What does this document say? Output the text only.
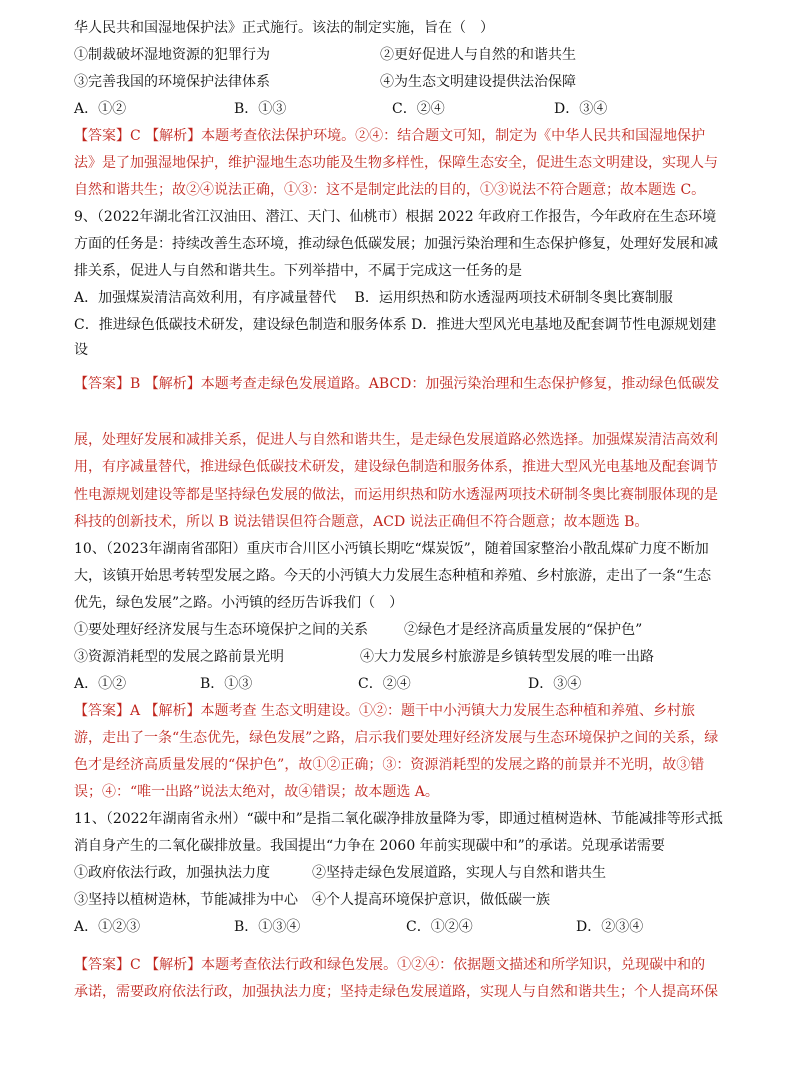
华人民共和国湿地保护法》正式施行。该法的制定实施，旨在（　）
①制裁破坏湿地资源的犯罪行为	②更好促进人与自然的和谐共生
③完善我国的环境保护法律体系	④为生态文明建设提供法治保障
A．①②	B．①③	C．②④	D．③④
【答案】C 【解析】本题考查依法保护环境。②④：结合题文可知，制定为《中华人民共和国湿地保护
法》是了加强湿地保护，维护湿地生态功能及生物多样性，保障生态安全，促进生态文明建设，实现人与
自然和谐共生；故②④说法正确，①③：这不是制定此法的目的，①③说法不符合题意；故本题选 C。
9、（2022年湖北省江汉油田、潜江、天门、仙桃市）根据 2022 年政府工作报告，今年政府在生态环境
方面的任务是：持续改善生态环境，推动绿色低碳发展；加强污染治理和生态保护修复，处理好发展和减
排关系，促进人与自然和谐共生。下列举措中，不属于完成这一任务的是
A．加强煤炭清洁高效利用，有序减量替代　 B．运用织热和防水透湿两项技术研制冬奥比赛制服
C．推进绿色低碳技术研发，建设绿色制造和服务体系 D．推进大型风光电基地及配套调节性电源规划建
设
【答案】B 【解析】本题考查走绿色发展道路。ABCD：加强污染治理和生态保护修复，推动绿色低碳发
展，处理好发展和减排关系，促进人与自然和谐共生，是走绿色发展道路必然选择。加强煤炭清洁高效利
用，有序减量替代，推进绿色低碳技术研发，建设绿色制造和服务体系，推进大型风光电基地及配套调节
性电源规划建设等都是坚持绿色发展的做法，而运用织热和防水透湿两项技术研制冬奥比赛制服体现的是
科技的创新技术，所以 B 说法错误但符合题意，ACD 说法正确但不符合题意；故本题选 B。
10、（2023年湖南省邵阳）重庆市合川区小沔镇长期吃“煤炭饭”，随着国家整治小散乱煤矿力度不断加
大，该镇开始思考转型发展之路。今天的小沔镇大力发展生态种植和养殖、乡村旅游，走出了一条“生态
优先，绿色发展”之路。小沔镇的经历告诉我们（　）
①要处理好经济发展与生态环境保护之间的关系	②绿色才是经济高质量发展的“保护色”
③资源消耗型的发展之路前景光明	④大力发展乡村旅游是乡镇转型发展的唯一出路
A．①②	B．①③	C．②④	D．③④
【答案】A 【解析】本题考查 生态文明建设。①②：题干中小沔镇大力发展生态种植和养殖、乡村旅
游，走出了一条“生态优先，绿色发展”之路，启示我们要处理好经济发展与生态环境保护之间的关系，绿
色才是经济高质量发展的“保护色”，故①②正确；③：资源消耗型的发展之路的前景并不光明，故③错
误；④：“唯一出路”说法太绝对，故④错误；故本题选 A。
11、（2022年湖南省永州）“碳中和”是指二氧化碳净排放量降为零，即通过植树造林、节能减排等形式抵
消自身产生的二氧化碳排放量。我国提出“力争在 2060 年前实现碳中和”的承诺。兑现承诺需要
①政府依法行政，加强执法力度	②坚持走绿色发展道路，实现人与自然和谐共生
③坚持以植树造林，节能减排为中心 ④个人提高环境保护意识，做低碳一族
A．①②③	B．①③④	C．①②④	D．②③④
【答案】C 【解析】本题考查依法行政和绿色发展。①②④：依据题文描述和所学知识，兑现碳中和的
承诺，需要政府依法行政，加强执法力度；坚持走绿色发展道路，实现人与自然和谐共生；个人提高环保
